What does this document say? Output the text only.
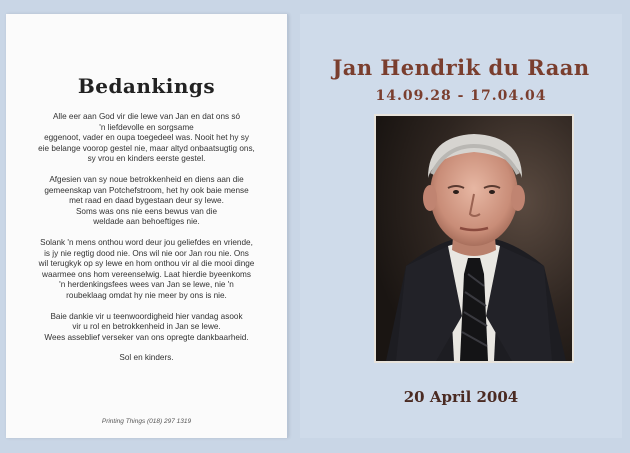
Bedankings

Alle eer aan God vir die lewe van Jan en dat ons só
'n liefdevolle en sorgsame
eggenoot, vader en oupa toegedeel was. Nooit het hy sy
eie belange voorop gestel nie, maar altyd onbaatsugtig ons,
sy vrou en kinders eerste gestel.

Afgesien van sy noue betrokkenheid en diens aan die
gemeenskap van Potchefstroom, het hy ook baie mense
met raad en daad bygestaan deur sy lewe.
Soms was ons nie eens bewus van die
weldade aan behoeftiges nie.

Solank 'n mens onthou word deur jou geliefdes en vriende,
is jy nie regtig dood nie. Ons wil nie oor Jan rou nie. Ons
wil terugkyk op sy lewe en hom onthou vir al die mooi dinge
waarmee ons hom vereenselwig. Laat hierdie byeenkoms
'n herdenkingsfees wees van Jan se lewe, nie 'n
roubeklaag omdat hy nie meer by ons is nie.

Baie dankie vir u teenwoordigheid hier vandag asook
vir u rol en betrokkenheid in Jan se lewe.
Wees asseblief verseker van ons opregte dankbaarheid.

Sol en kinders.

Printing Things (018) 297 1319
Jan Hendrik du Raan
14.09.28 - 17.04.04
20 April 2004
